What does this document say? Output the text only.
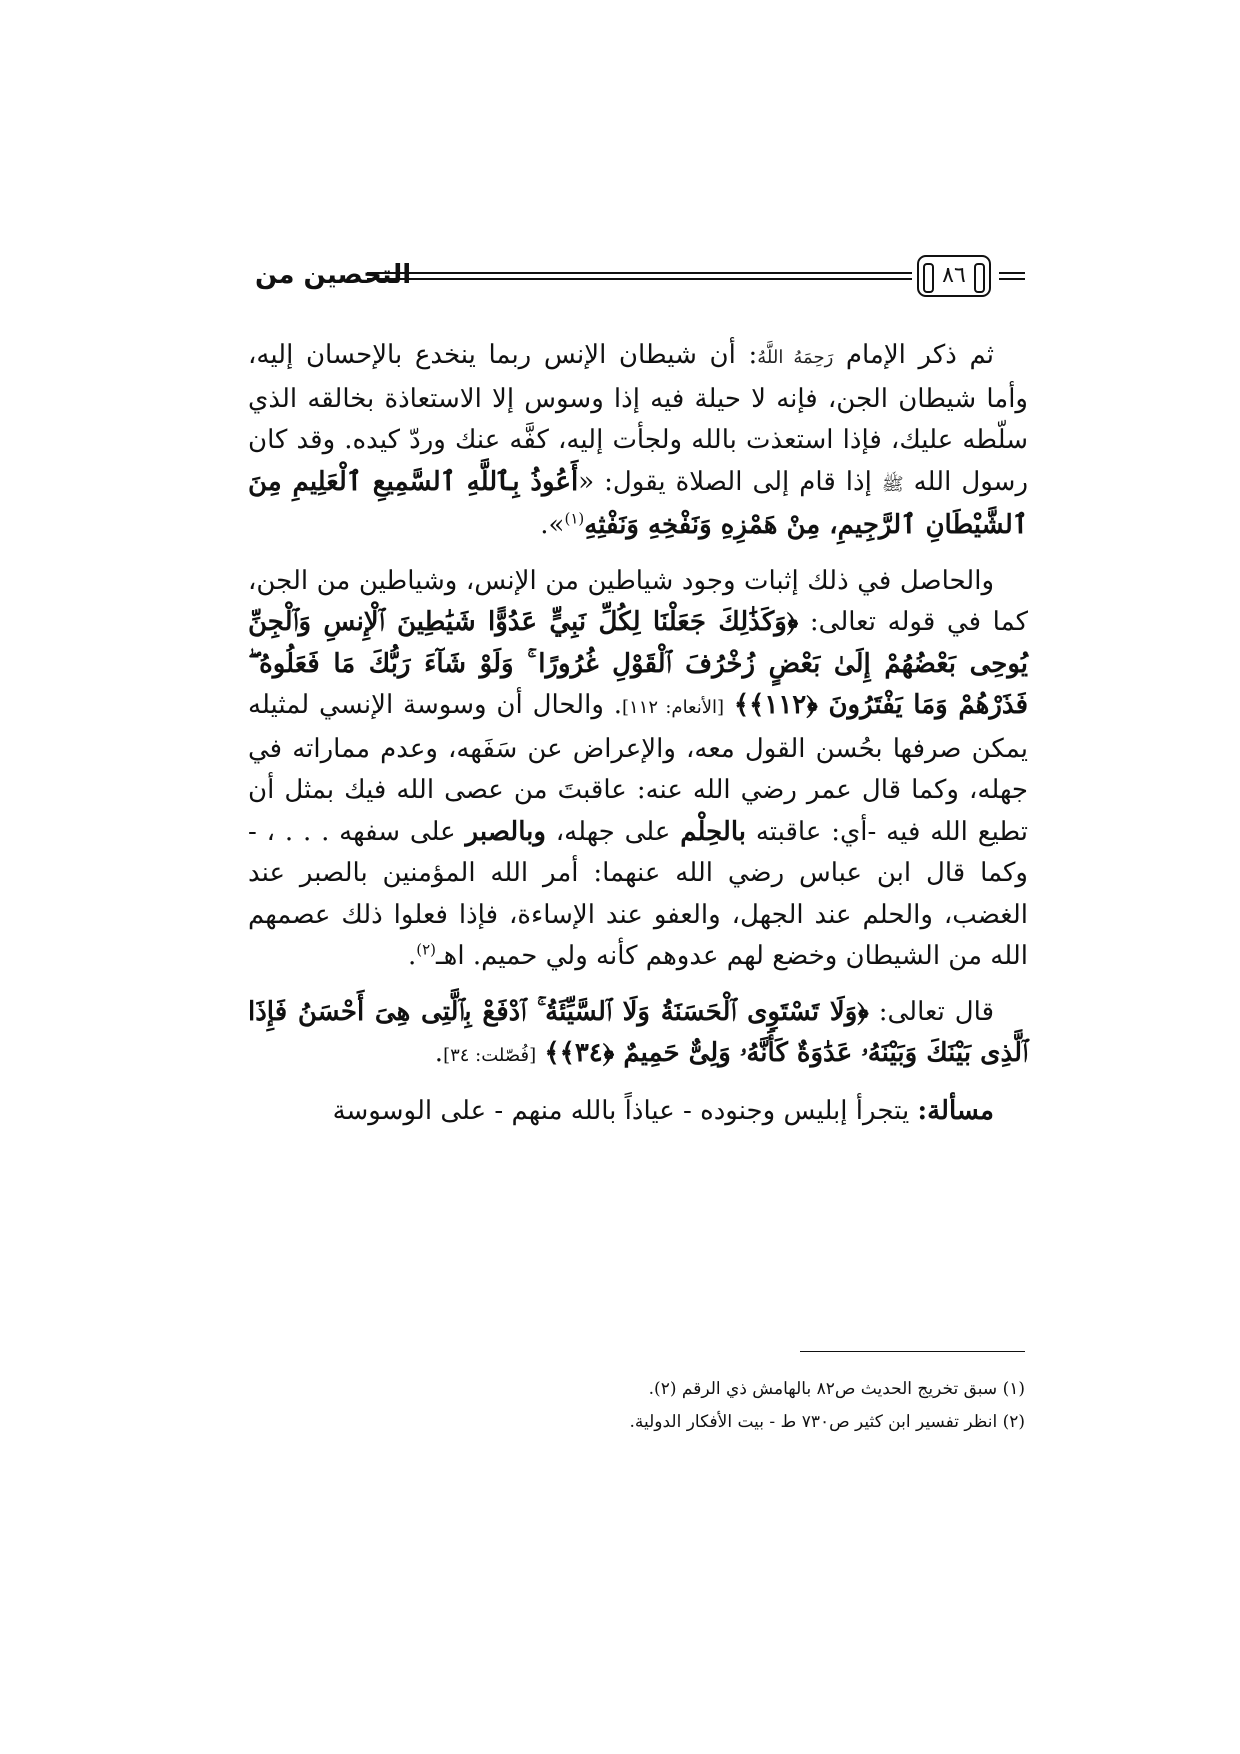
٨٦
التحصين من

ثم ذكر الإمام رَحِمَهُ اللَّهُ: أن شيطان الإنس ربما ينخدع بالإحسان إليه، وأما شيطان الجن، فإنه لا حيلة فيه إذا وسوس إلا الاستعاذة بخالقه الذي سلّطه عليك، فإذا استعذت بالله ولجأت إليه، كفَّه عنك وردّ كيده. وقد كان رسول الله ﷺ إذا قام إلى الصلاة يقول: «أَعُوذُ بِٱللَّهِ ٱلسَّمِيعِ ٱلْعَلِيمِ مِنَ ٱلشَّيْطَانِ ٱلرَّجِيمِ، مِنْ هَمْزِهِ وَنَفْخِهِ وَنَفْثِهِ$^{(١)}$».

والحاصل في ذلك إثبات وجود شياطين من الإنس، وشياطين من الجن، كما في قوله تعالى: ﴿وَكَذَٰلِكَ جَعَلْنَا لِكُلِّ نَبِيٍّ عَدُوًّا شَيَٰطِينَ ٱلْإِنسِ وَٱلْجِنِّ يُوحِى بَعْضُهُمْ إِلَىٰ بَعْضٍ زُخْرُفَ ٱلْقَوْلِ غُرُورًا ۚ وَلَوْ شَآءَ رَبُّكَ مَا فَعَلُوهُ ۖ فَذَرْهُمْ وَمَا يَفْتَرُونَ ﴿١١٢﴾﴾ [الأنعام: ١١٢]. والحال أن وسوسة الإنسي لمثيله يمكن صرفها بحُسن القول معه، والإعراض عن سَفَهه، وعدم مماراته في جهله، وكما قال عمر رضي الله عنه: عاقبتَ من عصى الله فيك بمثل أن تطيع الله فيه -أي: عاقبته بالحِلْم على جهله، وبالصبر على سفهه . . . ، - وكما قال ابن عباس رضي الله عنهما: أمر الله المؤمنين بالصبر عند الغضب، والحلم عند الجهل، والعفو عند الإساءة، فإذا فعلوا ذلك عصمهم الله من الشيطان وخضع لهم عدوهم كأنه ولي حميم. اهـ$^{(٢)}$.

قال تعالى: ﴿وَلَا تَسْتَوِى ٱلْحَسَنَةُ وَلَا ٱلسَّيِّئَةُ ۚ ٱدْفَعْ بِٱلَّتِى هِىَ أَحْسَنُ فَإِذَا ٱلَّذِى بَيْنَكَ وَبَيْنَهُۥ عَدَٰوَةٌ كَأَنَّهُۥ وَلِىٌّ حَمِيمٌ ﴿٣٤﴾﴾ [فُصّلت: ٣٤].

مسألة: يتجرأ إبليس وجنوده - عياذاً بالله منهم - على الوسوسة

(١) سبق تخريج الحديث ص٨٢ بالهامش ذي الرقم (٢).

(٢) انظر تفسير ابن كثير ص٧٣٠ ط - بيت الأفكار الدولية.
